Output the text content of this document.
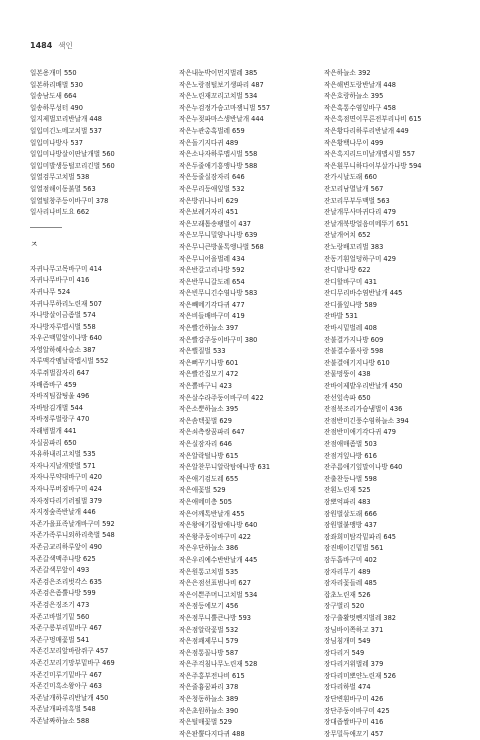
1484 색인
일본용개미 550
일본하리배벌 530
일송남도새 664
일송하무성터 490
일지제벌꼬리반날개 448
일입미긴노메고치벌 537
일입미나방사 537
일입미나방살이딴날개벌 560
일입미발생등털꼬리긴벌 560
일열검무고치벌 538
일열점해이동붉멸 563
일열털창주등이바구미 378
일사리나비도요 662
ㅈ
자귀나무고목바구미 414
자귀나무바구미 416
자귀나무 524
자귀나무하리노린재 507
자나방살이금좀벌 574
자나방자루맵시벌 558
자우곤맥밑앞이나방 640
자영알하혜사슬소 387
자루맥각멤날락맵시벌 552
자루쥐벌잡자리 647
자배좀바구 459
자바직팀잡팅울 496
자바탐김개벌 544
자바정루벌랑구 470
자래범벌개 441
자실꿈파리 650
자유하내리고치벌 535
자자나지날개맞벌 571
자자나무약대바구미 420
자자나무버짐바구미 424
자자정다리기러필벌 379
자지정숲족반날개 446
자존가을표족날개바구미 592
자존가족루니외하리축벌 548
자존금교리하루앞이 490
자존갈색맥주나방 625
자존갈색무앞이 493
자존검은조리벗각스 635
자존검은좀뿔나방 599
자존검은징조기 473
자존고바벌기밑 560
자존구릉부리밑바구 467
자존구멍매꽃벌 541
자존긴꼬리앞바람쥐구 457
자존긴꼬리기망부밑바구 469
자존긴미루기밑바구 467
자존긴미흑소왕아구 463
자존날개하루리반날개 450
자존날개파리흑벌 548
자존날짜하늘소 588
작은내눈박이먼지벌레 385
작은노랑점털보기생파리 487
작은노린재꼬리고치벌 534
작은누검정가슴고마잼니벌 557
작은누젖파마스생반날개 444
작은누관총혹벌레 659
작은돌기지다귀 489
작은소나자하루맵시벌 558
작은두줄애기흥앵나방 588
작은등줄실잠자리 646
작은무리등애잎벌 532
작은방귀나나비 629
작은보례거자리 451
작은모래톱송팽벌이 437
작은모무니밀양나나방 639
작은무니큰방울톡앵나벌 568
작은무니어을벌레 434
작은반갈고리나방 592
작은반무니갈도레 654
작은빈무니긴수염나방 583
작은빼메기각다귀 477
작은비들배바구미 419
작은빨간하늘소 397
작은빨강주둥이바구미 380
작은뻘질벌 533
작은뻐꾸기나방 601
작은빨간집모기 472
작은뽈바구니 423
작은살수라주둥이바구미 422
작은소뿐하늘소 395
작은솜텍꽃벌 629
작은쇠측쌍꿈파리 647
작은실잠자리 646
작은알락털나방 615
작은알찬무니알락탐애나방 631
작은애기검도레 655
작은애꽃벌 529
작은애메미층 505
작은어깨톡반날개 455
작은왕애기잡탐애나방 640
작은왕주둥이바구미 422
작은우단하늘소 386
작은우리예수반반날개 445
작은원통고치벌 535
작은은점선표범나비 627
작은이쁜주머니고치벌 534
작은점등에모기 456
작은점무니뿔큰나방 593
작은점알락꽃벌 532
작은점쾌제무니 579
작은점통꼴나방 587
작은주걱침나무노린재 528
작은주홍부전나비 615
작은줄흉꿈파리 378
작은청동하늘소 389
작은초원하늘소 390
작은털매꽃벌 529
작은판뿔다지다귀 488
작은하늘소 392
작은해변도랑반날개 448
작은호랑하늘소 395
작은혹통수염잎바구 458
작은흑점면이무른전부리나비 615
작은황다리하루리반날개 449
작은황백나무이 499
작은흑지리드미날개맵시벌 557
작은흰무니하다이부살가나방 594
잔가시날도래 660
잔꼬리남멸날개 567
잔꼬리무부두맥벌 563
잔날개무사마귀다리 479
잔날개북방얼음미메뚜기 651
잔날개여치 652
잔노랑배꼬리벌 383
잔동기흰얼덩하구미 429
잔디밭나방 622
잔디할바구미 431
잔디무리바수염반날개 445
잔디풀잎나방 589
잔바발 531
잔바시밑벌레 408
잔불결가지나방 609
잔불결수풀사랑 598
잔불결애기지나방 610
잔물멍뚱이 438
잔바이제밭우리반날개 450
잔선잎속파 650
잔점북조리가슴냄벌이 436
잔점반미긴풍수염하늘소 394
잔점반미애기각다귀 479
잔점애매좀벌 503
잔점겨잎나방 616
잔주름애기잎말이나방 640
잔출찬등나벌 598
잔흰노린재 525
잠뽀억파리 483
잠원벌살도래 666
잠원벌붙맹방 437
잠좌희미탐각밑파리 645
잠진배이긴밑벌 561
잠두흡바구미 402
잠자리무기 489
잠자리꽃들레 485
잡초노린재 526
장구벌리 520
장구출활멋뺀지벌레 382
장님바이쪽하고 371
장님침개미 549
장다리거 549
장다리거위벌레 379
장다리미뽀얀노린재 526
장다리하벌 474
장단변흰바구미 426
장단주둥이바구미 425
장대좁쌀바구미 416
장무밀득애꼬기 457
